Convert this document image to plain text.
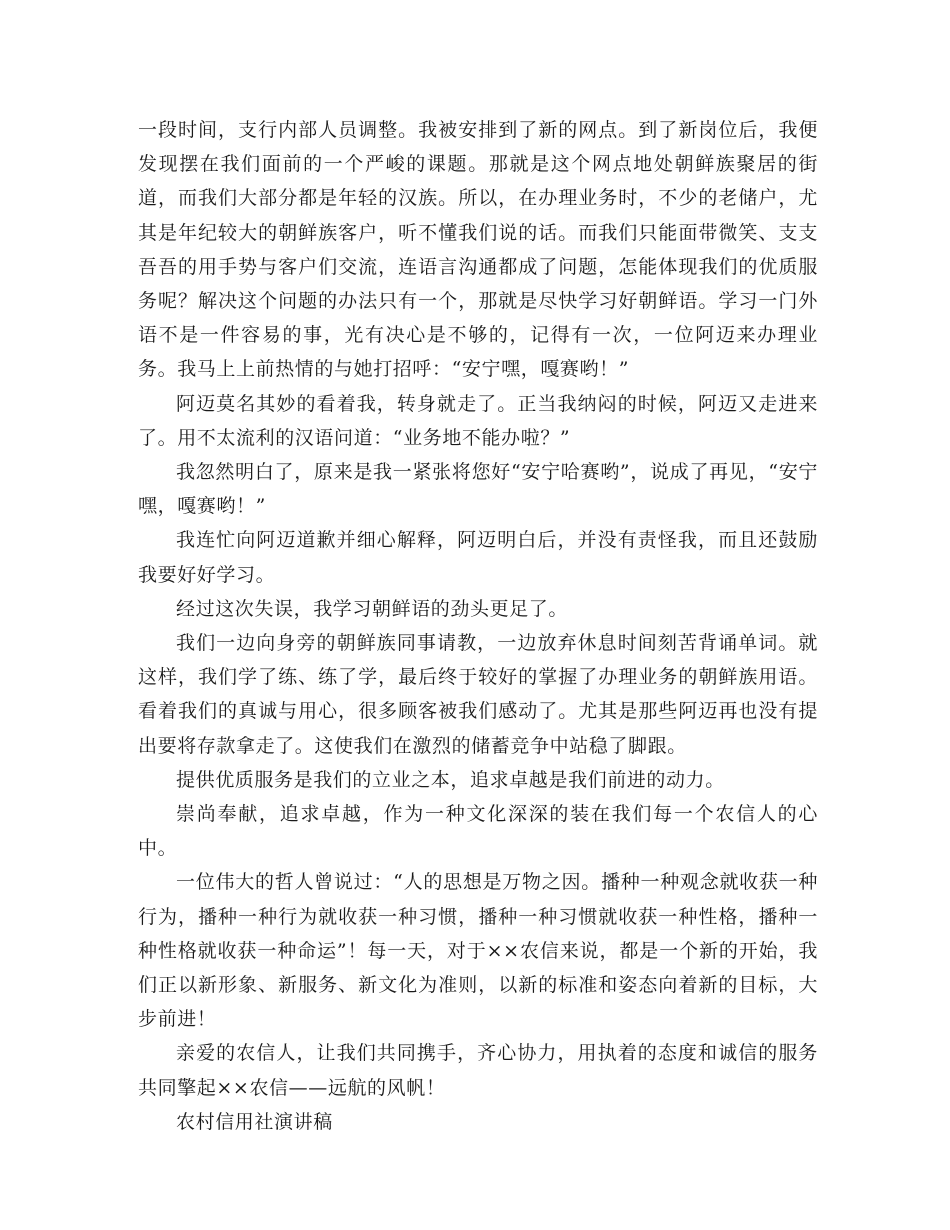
一段时间，支行内部人员调整。我被安排到了新的网点。到了新岗位后，我便发现摆在我们面前的一个严峻的课题。那就是这个网点地处朝鲜族聚居的街道，而我们大部分都是年轻的汉族。所以，在办理业务时，不少的老储户，尤其是年纪较大的朝鲜族客户，听不懂我们说的话。而我们只能面带微笑、支支吾吾的用手势与客户们交流，连语言沟通都成了问题，怎能体现我们的优质服务呢？解决这个问题的办法只有一个，那就是尽快学习好朝鲜语。学习一门外语不是一件容易的事，光有决心是不够的，记得有一次，一位阿迈来办理业务。我马上上前热情的与她打招呼：“安宁嘿，嘎赛哟！”

阿迈莫名其妙的看着我，转身就走了。正当我纳闷的时候，阿迈又走进来了。用不太流利的汉语问道：“业务地不能办啦？”

我忽然明白了，原来是我一紧张将您好“安宁哈赛哟”，说成了再见，“安宁嘿，嘎赛哟！”

我连忙向阿迈道歉并细心解释，阿迈明白后，并没有责怪我，而且还鼓励我要好好学习。

经过这次失误，我学习朝鲜语的劲头更足了。

我们一边向身旁的朝鲜族同事请教，一边放弃休息时间刻苦背诵单词。就这样，我们学了练、练了学，最后终于较好的掌握了办理业务的朝鲜族用语。看着我们的真诚与用心，很多顾客被我们感动了。尤其是那些阿迈再也没有提出要将存款拿走了。这使我们在激烈的储蓄竞争中站稳了脚跟。

提供优质服务是我们的立业之本，追求卓越是我们前进的动力。

崇尚奉献，追求卓越，作为一种文化深深的装在我们每一个农信人的心中。

一位伟大的哲人曾说过：“人的思想是万物之因。播种一种观念就收获一种行为，播种一种行为就收获一种习惯，播种一种习惯就收获一种性格，播种一种性格就收获一种命运”！每一天，对于××农信来说，都是一个新的开始，我们正以新形象、新服务、新文化为准则，以新的标准和姿态向着新的目标，大步前进！

亲爱的农信人，让我们共同携手，齐心协力，用执着的态度和诚信的服务共同擎起××农信——远航的风帆！

农村信用社演讲稿
